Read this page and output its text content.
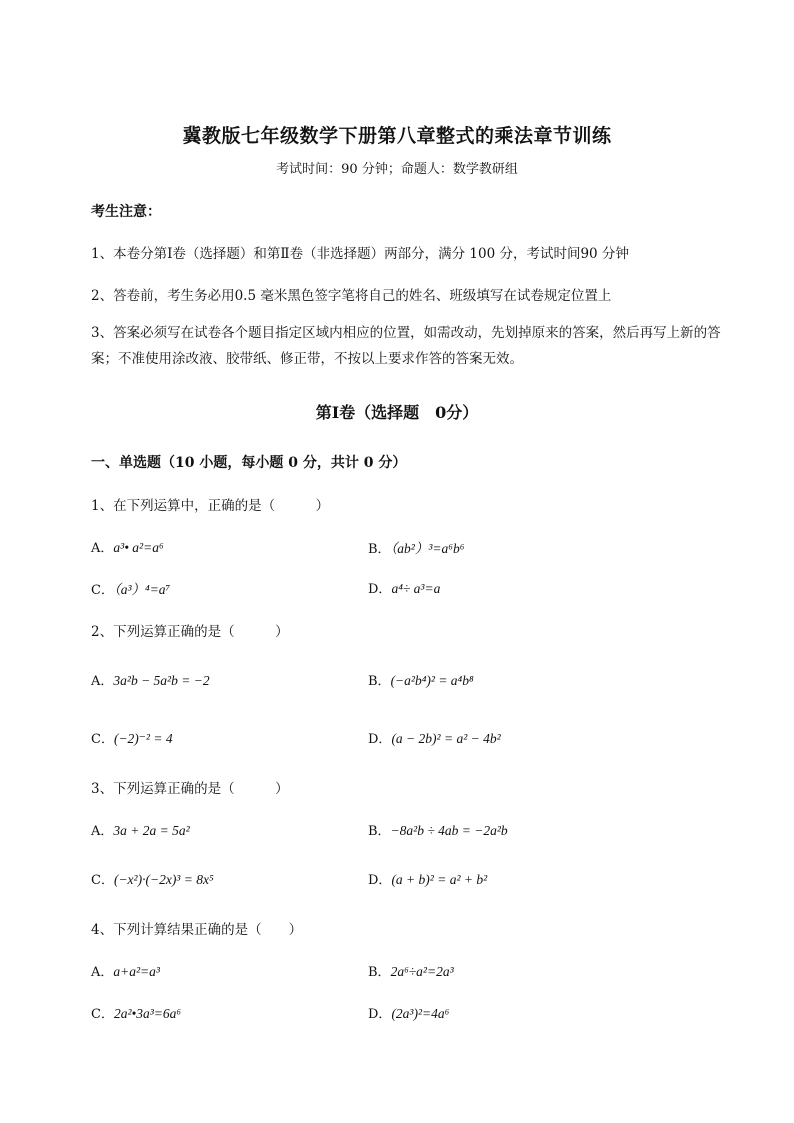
冀教版七年级数学下册第八章整式的乘法章节训练
考试时间：90 分钟；命题人：数学教研组
考生注意：
1、本卷分第Ⅰ卷（选择题）和第Ⅱ卷（非选择题）两部分，满分 100 分，考试时间90 分钟
2、答卷前，考生务必用0.5 毫米黑色签字笔将自己的姓名、班级填写在试卷规定位置上
3、答案必须写在试卷各个题目指定区域内相应的位置，如需改动，先划掉原来的答案，然后再写上新的答案；不准使用涂改液、胶带纸、修正带，不按以上要求作答的答案无效。
第Ⅰ卷（选择题　0分）
一、单选题（10 小题，每小题 0 分，共计 0 分）
1、在下列运算中，正确的是（　　　）
A．a³• a²=a⁶	B．（ab²）³=a⁶b⁶
C．（a³）⁴=a⁷	D．a⁴÷ a³=a
2、下列运算正确的是（　　　）
A．3a²b − 5a²b = −2	B．(−a²b⁴)² = a⁴b⁸
C．(−2)⁻² = 4	D．(a − 2b)² = a² − 4b²
3、下列运算正确的是（　　　）
A．3a + 2a = 5a²	B．−8a²b ÷ 4ab = −2a²b
C．(−x²)·(−2x)³ = 8x⁵	D．(a + b)² = a² + b²
4、下列计算结果正确的是（　　）
A．a+a²=a³	B．2a⁶÷a²=2a³
C．2a²•3a³=6a⁶	D．(2a³)²=4a⁶
